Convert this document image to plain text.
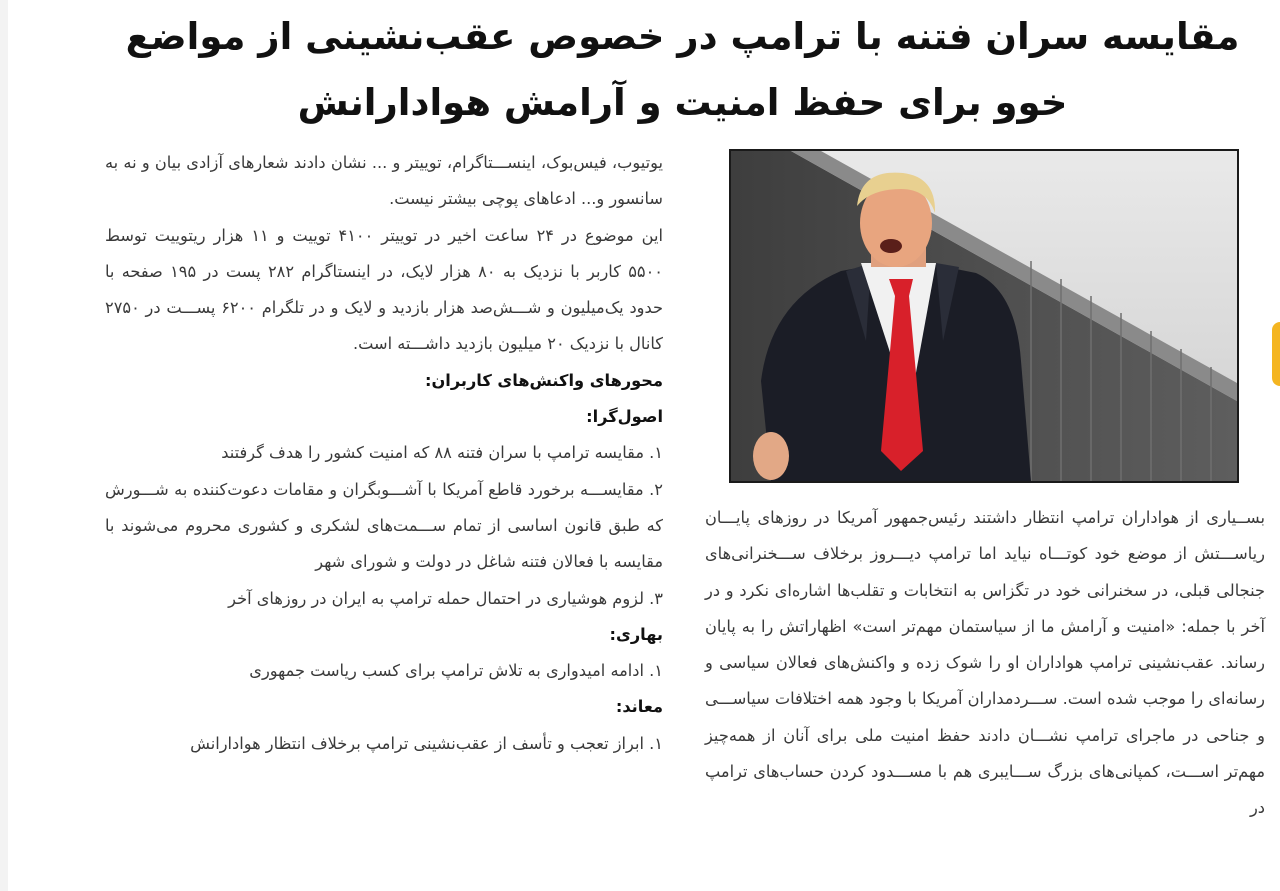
مقایسه سران فتنه با ترامپ در خصوص عقب‌نشینی از مواضع خوو برای حفظ امنیت و آرامش هوادارانش

بســیاری از هواداران ترامپ انتظار داشتند رئیس‌جمهور آمریکا در روزهای پایـــان ریاســـتش از موضع خود کوتـــاه نیاید اما ترامپ دیـــروز برخلاف ســـخنرانی‌های جنجالی قبلی، در سخنرانی خود در تگزاس به انتخابات و تقلب‌ها اشاره‌ای نکرد و در آخر با جمله: «امنیت و آرامش ما از سیاستمان مهم‌تر است» اظهاراتش را به پایان رساند. عقب‌نشینی ترامپ هواداران او را شوک زده و واکنش‌های فعالان سیاسی و رسانه‌ای را موجب شده است. ســـردمداران آمریکا با وجود همه اختلافات سیاســـی و جناحی در ماجرای ترامپ نشـــان دادند حفظ امنیت ملی برای آنان از همه‌چیز مهم‌تر اســـت، کمپانی‌های بزرگ ســـایبری هم با مســـدود کردن حساب‌های ترامپ در

یوتیوب، فیس‌بوک، اینســـتاگرام، توییتر و ... نشان دادند شعارهای آزادی بیان و نه به سانسور و... ادعاهای پوچی بیشتر نیست.

این موضوع در ۲۴ ساعت اخیر در توییتر ۴۱۰۰ توییت و ۱۱ هزار ریتوییت توسط ۵۵۰۰ کاربر با نزدیک به ۸۰ هزار لایک، در اینستاگرام ۲۸۲ پست در ۱۹۵ صفحه با حدود یک‌میلیون و شـــش‌صد هزار بازدید و لایک و در تلگرام ۶۲۰۰ پســـت در ۲۷۵۰ کانال با نزدیک ۲۰ میلیون بازدید داشـــته است.

محورهای واکنش‌های کاربران:

اصول‌گرا:

۱. مقایسه ترامپ با سران فتنه ۸۸ که امنیت کشور را هدف گرفتند
۲. مقایســـه برخورد قاطع آمریکا با آشـــوبگران و مقامات دعوت‌کننده به شـــورش که طبق قانون اساسی از تمام ســـمت‌های لشکری و کشوری محروم می‌شوند با مقایسه با فعالان فتنه شاغل در دولت و شورای شهر
۳. لزوم هوشیاری در احتمال حمله ترامپ به ایران در روزهای آخر

بهاری:

۱. ادامه امیدواری به تلاش ترامپ برای کسب ریاست جمهوری

معاند:

۱. ابراز تعجب و تأسف از عقب‌نشینی ترامپ برخلاف انتظار هوادارانش
